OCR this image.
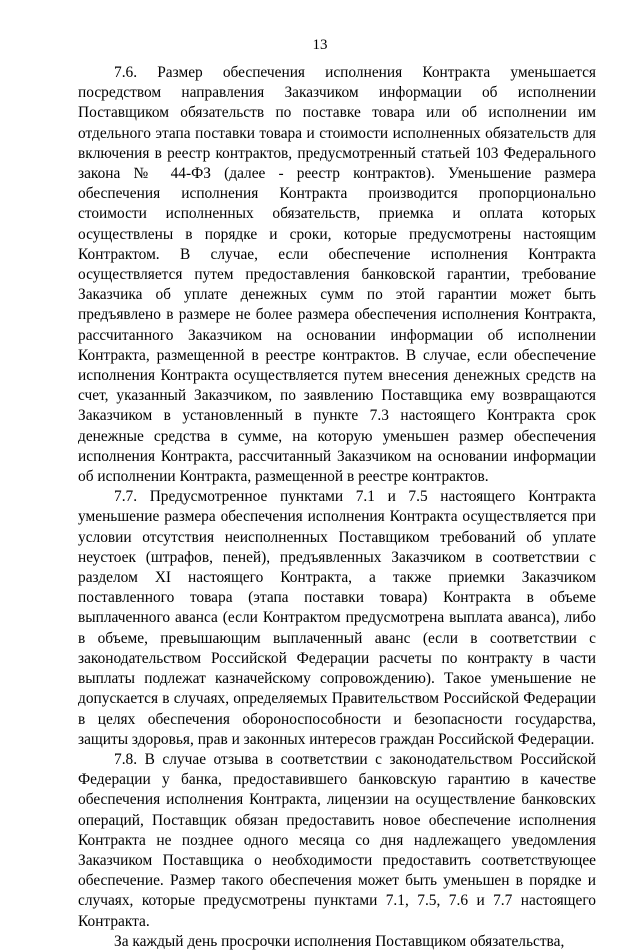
13

7.6. Размер обеспечения исполнения Контракта уменьшается посредством направления Заказчиком информации об исполнении Поставщиком обязательств по поставке товара или об исполнении им отдельного этапа поставки товара и стоимости исполненных обязательств для включения в реестр контрактов, предусмотренный статьей 103 Федерального закона № 44-ФЗ (далее - реестр контрактов). Уменьшение размера обеспечения исполнения Контракта производится пропорционально стоимости исполненных обязательств, приемка и оплата которых осуществлены в порядке и сроки, которые предусмотрены настоящим Контрактом. В случае, если обеспечение исполнения Контракта осуществляется путем предоставления банковской гарантии, требование Заказчика об уплате денежных сумм по этой гарантии может быть предъявлено в размере не более размера обеспечения исполнения Контракта, рассчитанного Заказчиком на основании информации об исполнении Контракта, размещенной в реестре контрактов. В случае, если обеспечение исполнения Контракта осуществляется путем внесения денежных средств на счет, указанный Заказчиком, по заявлению Поставщика ему возвращаются Заказчиком в установленный в пункте 7.3 настоящего Контракта срок денежные средства в сумме, на которую уменьшен размер обеспечения исполнения Контракта, рассчитанный Заказчиком на основании информации об исполнении Контракта, размещенной в реестре контрактов.

7.7. Предусмотренное пунктами 7.1 и 7.5 настоящего Контракта уменьшение размера обеспечения исполнения Контракта осуществляется при условии отсутствия неисполненных Поставщиком требований об уплате неустоек (штрафов, пеней), предъявленных Заказчиком в соответствии с разделом XI настоящего Контракта, а также приемки Заказчиком поставленного товара (этапа поставки товара) Контракта в объеме выплаченного аванса (если Контрактом предусмотрена выплата аванса), либо в объеме, превышающим выплаченный аванс (если в соответствии с законодательством Российской Федерации расчеты по контракту в части выплаты подлежат казначейскому сопровождению). Такое уменьшение не допускается в случаях, определяемых Правительством Российской Федерации в целях обеспечения обороноспособности и безопасности государства, защиты здоровья, прав и законных интересов граждан Российской Федерации.

7.8. В случае отзыва в соответствии с законодательством Российской Федерации у банка, предоставившего банковскую гарантию в качестве обеспечения исполнения Контракта, лицензии на осуществление банковских операций, Поставщик обязан предоставить новое обеспечение исполнения Контракта не позднее одного месяца со дня надлежащего уведомления Заказчиком Поставщика о необходимости предоставить соответствующее обеспечение. Размер такого обеспечения может быть уменьшен в порядке и случаях, которые предусмотрены пунктами 7.1, 7.5, 7.6 и 7.7 настоящего Контракта.

За каждый день просрочки исполнения Поставщиком обязательства,
